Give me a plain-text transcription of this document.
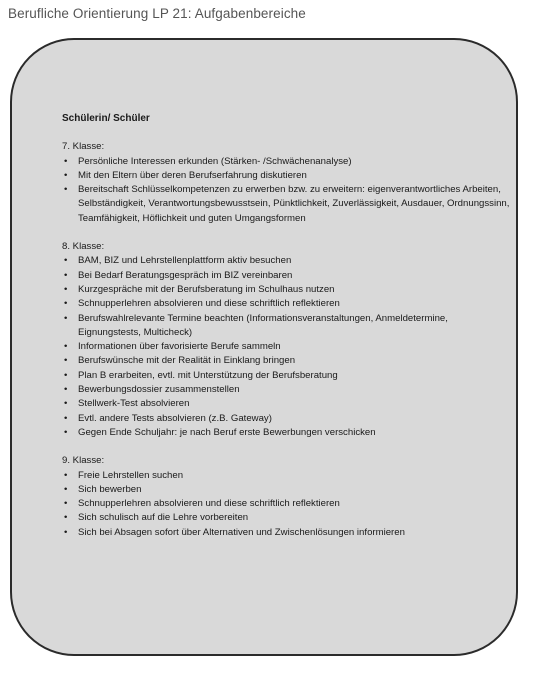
Berufliche Orientierung LP 21: Aufgabenbereiche
Schülerin/ Schüler
7. Klasse:
• Persönliche Interessen erkunden (Stärken- /Schwächenanalyse)
• Mit den Eltern über deren Berufserfahrung diskutieren
• Bereitschaft Schlüsselkompetenzen zu erwerben bzw. zu erweitern: eigenverantwortliches Arbeiten, Selbständigkeit, Verantwortungsbewusstsein, Pünktlichkeit, Zuverlässigkeit, Ausdauer, Ordnungssinn, Teamfähigkeit, Höflichkeit und guten Umgangsformen
8. Klasse:
• BAM, BIZ und Lehrstellenplattform aktiv besuchen
• Bei Bedarf Beratungsgespräch im BIZ vereinbaren
• Kurzgespräche mit der Berufsberatung im Schulhaus nutzen
• Schnupperlehren absolvieren und diese schriftlich reflektieren
• Berufswahlrelevante Termine beachten (Informationsveranstaltungen, Anmeldetermine, Eignungstests, Multicheck)
• Informationen über favorisierte Berufe sammeln
• Berufswünsche mit der Realität in Einklang bringen
• Plan B erarbeiten, evtl. mit Unterstützung der Berufsberatung
• Bewerbungsdossier zusammenstellen
• Stellwerk-Test absolvieren
• Evtl. andere Tests absolvieren (z.B. Gateway)
• Gegen Ende Schuljahr: je nach Beruf erste Bewerbungen verschicken
9. Klasse:
• Freie Lehrstellen suchen
• Sich bewerben
• Schnupperlehren absolvieren und diese schriftlich reflektieren
• Sich schulisch auf die Lehre vorbereiten
• Sich bei Absagen sofort über Alternativen und Zwischenlösungen informieren
